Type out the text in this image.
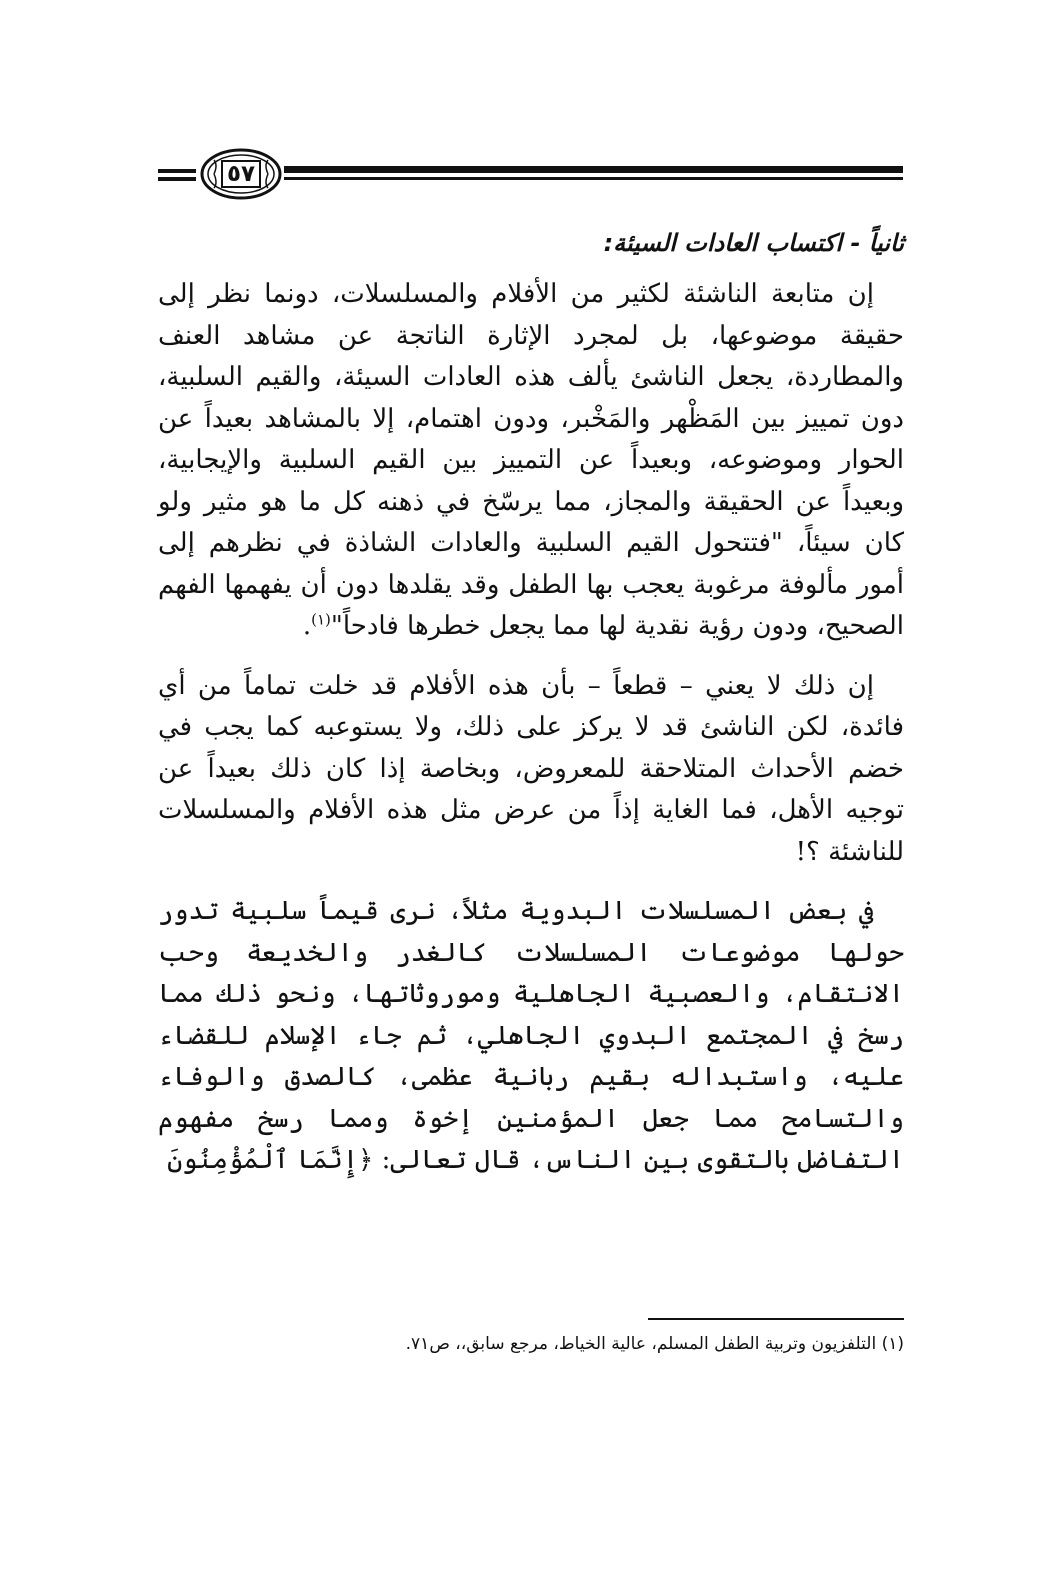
٥٧
ثانياً - اكتساب العادات السيئة:

إن متابعة الناشئة لكثير من الأفلام والمسلسلات، دونما نظر إلى حقيقة موضوعها، بل لمجرد الإثارة الناتجة عن مشاهد العنف والمطاردة، يجعل الناشئ يألف هذه العادات السيئة، والقيم السلبية، دون تمييز بين المَظْهر والمَخْبر، ودون اهتمام، إلا بالمشاهد بعيداً عن الحوار وموضوعه، وبعيداً عن التمييز بين القيم السلبية والإيجابية، وبعيداً عن الحقيقة والمجاز، مما يرسّخ في ذهنه كل ما هو مثير ولو كان سيئاً، "فتتحول القيم السلبية والعادات الشاذة في نظرهم إلى أمور مألوفة مرغوبة يعجب بها الطفل وقد يقلدها دون أن يفهمها الفهم الصحيح، ودون رؤية نقدية لها مما يجعل خطرها فادحاً"$^{(١)}$.

إن ذلك لا يعني – قطعاً – بأن هذه الأفلام قد خلت تماماً من أي فائدة، لكن الناشئ قد لا يركز على ذلك، ولا يستوعبه كما يجب في خضم الأحداث المتلاحقة للمعروض، وبخاصة إذا كان ذلك بعيداً عن توجيه الأهل، فما الغاية إذاً من عرض مثل هذه الأفلام والمسلسلات للناشئة ؟!

في بعض المسلسلات البدوية مثلاً، نرى قيماً سلبية تدور حولها موضوعات المسلسلات كالغدر والخديعة وحب الانتقام، والعصبية الجاهلية وموروثاتها، ونحو ذلك مما رسخ في المجتمع البدوي الجاهلي، ثم جاء الإسلام للقضاء عليه، واستبداله بقيم ربانية عظمى، كالصدق والوفاء والتسامح مما جعل المؤمنين إخوة ومما رسخ مفهوم التفاضل بالتقوى بين الناس، قال تعالى: ﴿إِنَّمَا ٱلْمُؤْمِنُونَ

(١) التلفزيون وتربية الطفل المسلم، عالية الخياط، مرجع سابق،، ص٧١.
